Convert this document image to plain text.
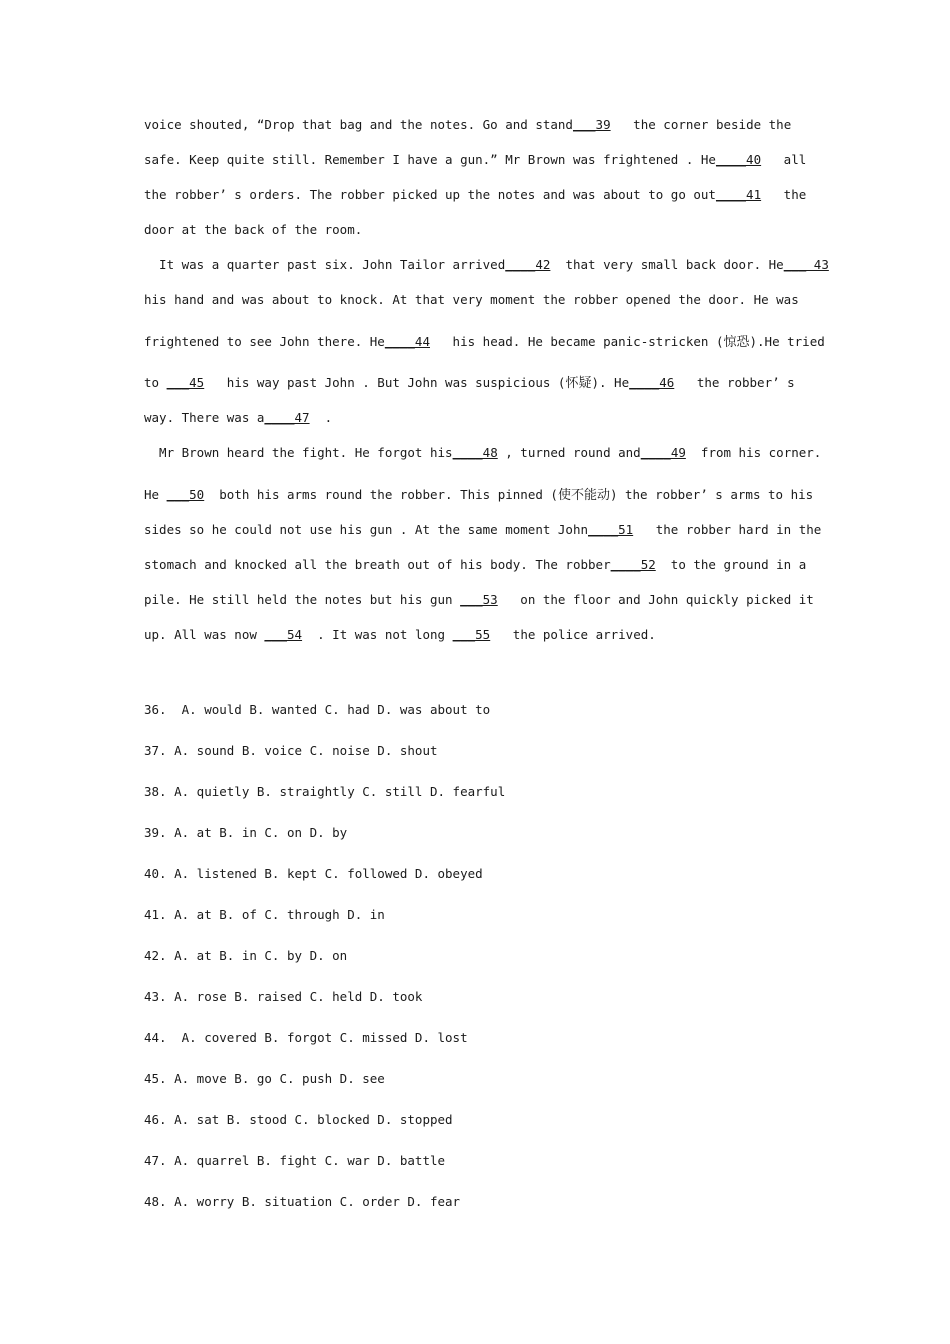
voice shouted, “Drop that bag and the notes. Go and stand___39   the corner beside the
safe. Keep quite still. Remember I have a gun.” Mr Brown was frightened . He____40   all
the robber’ s orders. The robber picked up the notes and was about to go out____41   the
door at the back of the room.
It was a quarter past six. John Tailor arrived____42  that very small back door. He___ 43
his hand and was about to knock. At that very moment the robber opened the door. He was
frightened to see John there. He____44   his head. He became panic-stricken (惊恐).He tried
to ___45   his way past John . But John was suspicious (怀疑). He____46   the robber’ s
way. There was a____47  .
Mr Brown heard the fight. He forgot his____48 , turned round and____49  from his corner.
He ___50  both his arms round the robber. This pinned (使不能动) the robber’ s arms to his
sides so he could not use his gun . At the same moment John____51   the robber hard in the
stomach and knocked all the breath out of his body. The robber____52  to the ground in a
pile. He still held the notes but his gun ___53   on the floor and John quickly picked it
up. All was now ___54  . It was not long ___55   the police arrived.
36.  A. would B. wanted C. had D. was about to
37. A. sound B. voice C. noise D. shout
38. A. quietly B. straightly C. still D. fearful
39. A. at B. in C. on D. by
40. A. listened B. kept C. followed D. obeyed
41. A. at B. of C. through D. in
42. A. at B. in C. by D. on
43. A. rose B. raised C. held D. took
44.  A. covered B. forgot C. missed D. lost
45. A. move B. go C. push D. see
46. A. sat B. stood C. blocked D. stopped
47. A. quarrel B. fight C. war D. battle
48. A. worry B. situation C. order D. fear
